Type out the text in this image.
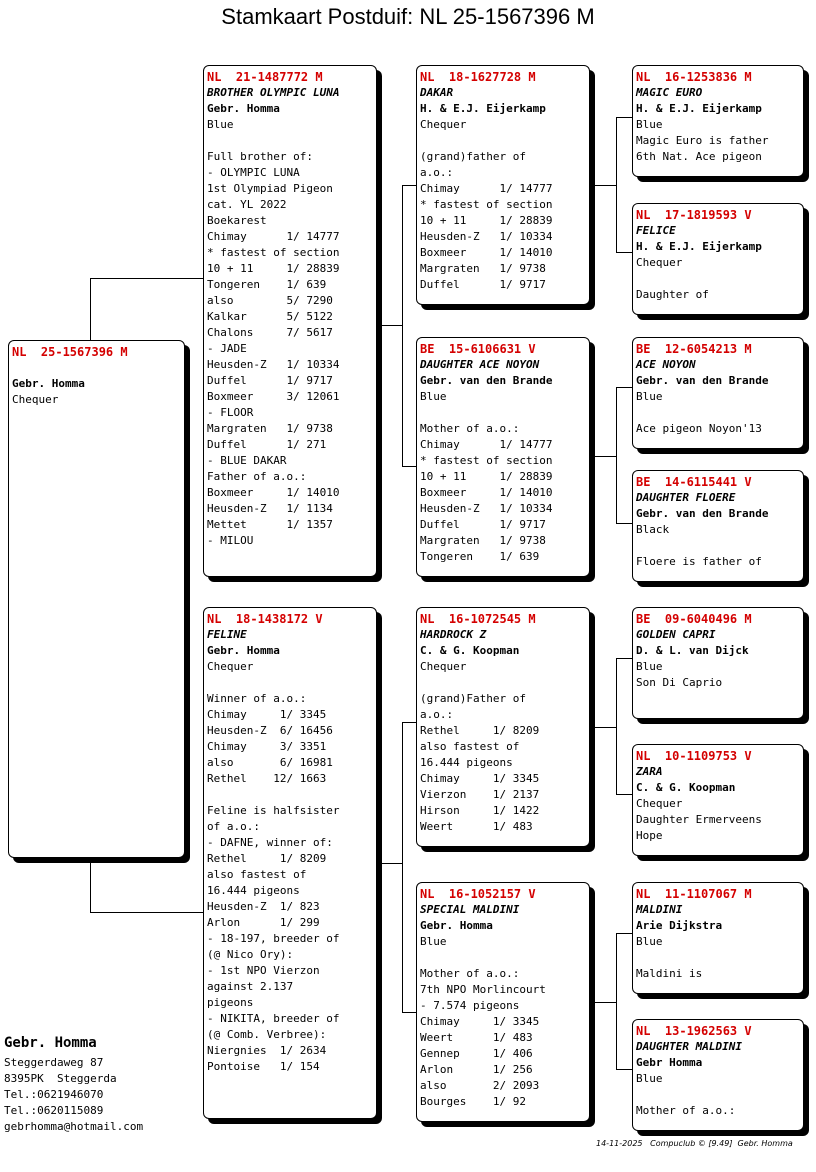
Stamkaart Postduif: NL 25-1567396 M
NL  25-1567396 M
Gebr. Homma
Chequer
NL  21-1487772 M
BROTHER OLYMPIC LUNA
Gebr. Homma
Blue
Full brother of:
- OLYMPIC LUNA
1st Olympiad Pigeon
cat. YL 2022
Boekarest
Chimay      1/ 14777
* fastest of section
10 + 11     1/ 28839
Tongeren    1/ 639
also        5/ 7290
Kalkar      5/ 5122
Chalons     7/ 5617
- JADE
Heusden-Z   1/ 10334
Duffel      1/ 9717
Boxmeer     3/ 12061
- FLOOR
Margraten   1/ 9738
Duffel      1/ 271
- BLUE DAKAR
Father of a.o.:
Boxmeer     1/ 14010
Heusden-Z   1/ 1134
Mettet      1/ 1357
- MILOU
NL  18-1438172 V
FELINE
Gebr. Homma
Chequer
Winner of a.o.:
Chimay     1/ 3345
Heusden-Z  6/ 16456
Chimay     3/ 3351
also       6/ 16981
Rethel    12/ 1663
Feline is halfsister
of a.o.:
- DAFNE, winner of:
Rethel     1/ 8209
also fastest of
16.444 pigeons
Heusden-Z  1/ 823
Arlon      1/ 299
- 18-197, breeder of
(@ Nico Ory):
- 1st NPO Vierzon
against 2.137
pigeons
- NIKITA, breeder of
(@ Comb. Verbree):
Niergnies  1/ 2634
Pontoise   1/ 154
NL  18-1627728 M
DAKAR
H. & E.J. Eijerkamp
Chequer
(grand)father of
a.o.:
Chimay      1/ 14777
* fastest of section
10 + 11     1/ 28839
Heusden-Z   1/ 10334
Boxmeer     1/ 14010
Margraten   1/ 9738
Duffel      1/ 9717
BE  15-6106631 V
DAUGHTER ACE NOYON
Gebr. van den Brande
Blue
Mother of a.o.:
Chimay      1/ 14777
* fastest of section
10 + 11     1/ 28839
Boxmeer     1/ 14010
Heusden-Z   1/ 10334
Duffel      1/ 9717
Margraten   1/ 9738
Tongeren    1/ 639
NL  16-1072545 M
HARDROCK Z
C. & G. Koopman
Chequer
(grand)Father of
a.o.:
Rethel     1/ 8209
also fastest of
16.444 pigeons
Chimay     1/ 3345
Vierzon    1/ 2137
Hirson     1/ 1422
Weert      1/ 483
NL  16-1052157 V
SPECIAL MALDINI
Gebr. Homma
Blue
Mother of a.o.:
7th NPO Morlincourt
- 7.574 pigeons
Chimay     1/ 3345
Weert      1/ 483
Gennep     1/ 406
Arlon      1/ 256
also       2/ 2093
Bourges    1/ 92
NL  16-1253836 M
MAGIC EURO
H. & E.J. Eijerkamp
Blue
Magic Euro is father
6th Nat. Ace pigeon
NL  17-1819593 V
FELICE
H. & E.J. Eijerkamp
Chequer
Daughter of
BE  12-6054213 M
ACE NOYON
Gebr. van den Brande
Blue
Ace pigeon Noyon'13
BE  14-6115441 V
DAUGHTER FLOERE
Gebr. van den Brande
Black
Floere is father of
BE  09-6040496 M
GOLDEN CAPRI
D. & L. van Dijck
Blue
Son Di Caprio
NL  10-1109753 V
ZARA
C. & G. Koopman
Chequer
Daughter Ermerveens
Hope
NL  11-1107067 M
MALDINI
Arie Dijkstra
Blue
Maldini is
NL  13-1962563 V
DAUGHTER MALDINI
Gebr Homma
Blue
Mother of a.o.:
Gebr. Homma
Steggerdaweg 87
8395PK  Steggerda
Tel.:0621946070
Tel.:0620115089
gebrhomma@hotmail.com
14-11-2025   Compuclub © [9.49]  Gebr. Homma
